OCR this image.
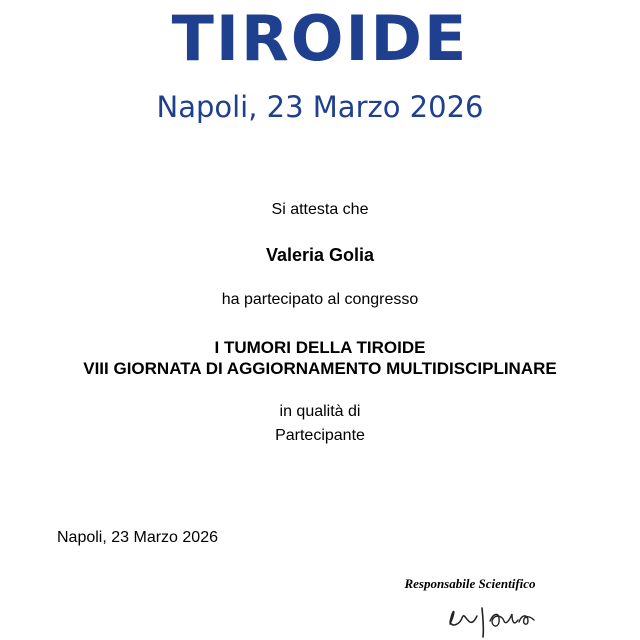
TIROIDE
Napoli, 23 Marzo 2026
Si attesta che
Valeria Golia
ha partecipato al congresso
I TUMORI DELLA TIROIDE
VIII GIORNATA DI AGGIORNAMENTO MULTIDISCIPLINARE
in qualità di
Partecipante
Napoli, 23 Marzo 2026
Responsabile Scientifico
